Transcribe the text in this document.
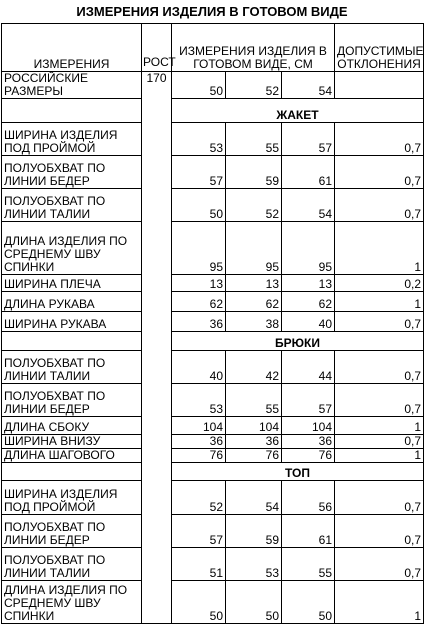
ИЗМЕРЕНИЯ ИЗДЕЛИЯ В ГОТОВОМ ВИДЕ
ИЗМЕРЕНИЯ	РОСТ	ИЗМЕРЕНИЯ ИЗДЕЛИЯ В ГОТОВОМ ВИДЕ, СМ			ДОПУСТИМЫЕ ОТКЛОНЕНИЯ
РОССИЙСКИЕ РАЗМЕРЫ	170	50	52	54	
		ЖАКЕТ			
ШИРИНА ИЗДЕЛИЯ ПОД ПРОЙМОЙ		53	55	57	0,7
ПОЛУОБХВАТ ПО ЛИНИИ БЕДЕР		57	59	61	0,7
ПОЛУОБХВАТ ПО ЛИНИИ ТАЛИИ		50	52	54	0,7
ДЛИНА ИЗДЕЛИЯ ПО СРЕДНЕМУ ШВУ СПИНКИ		95	95	95	1
ШИРИНА ПЛЕЧА		13	13	13	0,2
ДЛИНА РУКАВА		62	62	62	1
ШИРИНА РУКАВА		36	38	40	0,7
		БРЮКИ			
ПОЛУОБХВАТ ПО ЛИНИИ ТАЛИИ		40	42	44	0,7
ПОЛУОБХВАТ ПО ЛИНИИ БЕДЕР		53	55	57	0,7
ДЛИНА СБОКУ		104	104	104	1
ШИРИНА ВНИЗУ		36	36	36	0,7
ДЛИНА ШАГОВОГО		76	76	76	1
		ТОП			
ШИРИНА ИЗДЕЛИЯ ПОД ПРОЙМОЙ		52	54	56	0,7
ПОЛУОБХВАТ ПО ЛИНИИ БЕДЕР		57	59	61	0,7
ПОЛУОБХВАТ ПО ЛИНИИ ТАЛИИ		51	53	55	0,7
ДЛИНА ИЗДЕЛИЯ ПО СРЕДНЕМУ ШВУ СПИНКИ		50	50	50	1
